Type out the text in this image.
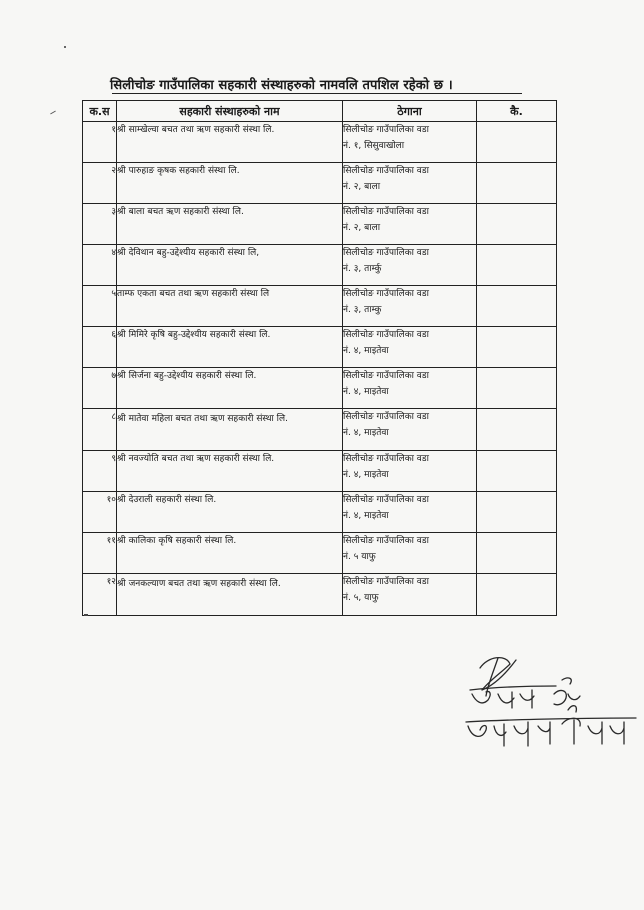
सिलीचोङ गाउँपालिका सहकारी संस्थाहरुको नामवलि तपशिल रहेको छ ।
क.स	सहकारी संस्थाहरुको नाम	ठेगाना	कै.
१	श्री साम्खेल्वा बचत तथा ऋण सहकारी संस्था लि.	सिलीचोङ गाउँपालिका वडा
नं. १, सिसुवाखोला	

२	श्री पारुहाङ कृषक सहकारी संस्था लि.	सिलीचोङ गाउँपालिका वडा
नं. २, बाला	

३	श्री बाला बचत ऋण सहकारी संस्था लि.	सिलीचोङ गाउँपालिका वडा
नं. २, बाला	

४	श्री देविथान बहु-उद्देश्यीय सहकारी संस्था लि,	सिलीचोङ गाउँपालिका वडा
नं. ३, तार्म्कु	

५	ताम्फ एकता बचत तथा ऋण सहकारी संस्था लि	सिलीचोङ गाउँपालिका वडा
नं. ३, ताम्कु	

६	श्री मिमिरे कृषि बहु-उद्देश्यीय सहकारी संस्था लि.	सिलीचोङ गाउँपालिका वडा
नं. ४, माइतेवा	

७	श्री सिर्जना बहु-उद्देश्यीय सहकारी संस्था लि.	सिलीचोङ गाउँपालिका वडा
नं. ४, माइतेवा	

८	श्री मातेवा महिला बचत तथा ऋण सहकारी संस्था लि.	सिलीचोङ गाउँपालिका वडा
नं. ४, माइतेवा	

९	श्री नवज्योति बचत तथा ऋण सहकारी संस्था लि.	सिलीचोङ गाउँपालिका वडा
नं. ४, माइतेवा	

१०	श्री देउराली सहकारी संस्था लि.	सिलीचोङ गाउँपालिका वडा
नं. ४, माइतेवा	

११	श्री कालिका कृषि सहकारी संस्था लि.	सिलीचोङ गाउँपालिका वडा
नं. ५ याफु	

१२	श्री जनकल्याण बचत तथा ऋण सहकारी संस्था लि.	सिलीचोङ गाउँपालिका वडा
नं. ५, याफु	
